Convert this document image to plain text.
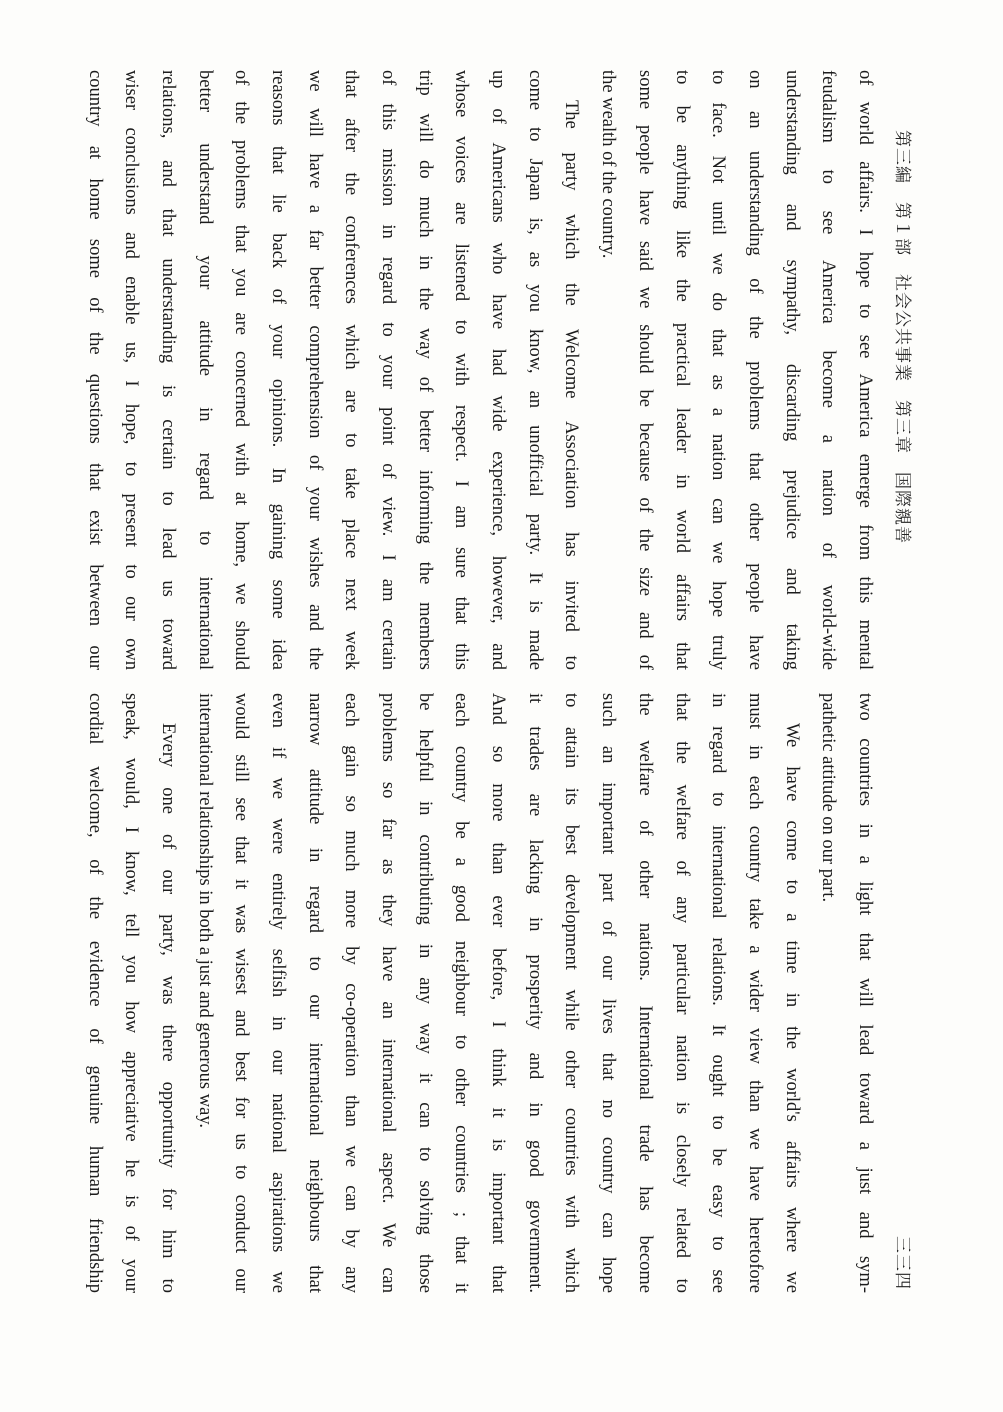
第三編　第１部　社会公共事業　第三章　国際親善
三三四
of world affairs. I hope to see America emerge from this mental
feudalism to see America become a nation of world-wide
understanding and sympathy, discarding prejudice and taking
on an understanding of the problems that other people have
to face. Not until we do that as a nation can we hope truly
to be anything like the practical leader in world affairs that
some people have said we should be because of the size and of
the wealth of the country.
The party which the Welcome Association has invited to
come to Japan is, as you know, an unofficial party. It is made
up of Americans who have had wide experience, however, and
whose voices are listened to with respect. I am sure that this
trip will do much in the way of better informing the members
of this mission in regard to your point of view. I am certain
that after the conferences which are to take place next week
we will have a far better comprehension of your wishes and the
reasons that lie back of your opinions. In gaining some idea
of the problems that you are concerned with at home, we should
better understand your attitude in regard to international
relations, and that understanding is certain to lead us toward
wiser conclusions and enable us, I hope, to present to our own
country at home some of the questions that exist between our
two countries in a light that will lead toward a just and sym-
pathetic attitude on our part.
We have come to a time in the world's affairs where we
must in each country take a wider view than we have heretofore
in regard to international relations. It ought to be easy to see
that the welfare of any particular nation is closely related to
the welfare of other nations. International trade has become
such an important part of our lives that no country can hope
to attain its best development while other countries with which
it trades are lacking in prosperity and in good government.
And so more than ever before, I think it is important that
each country be a good neighbour to other countries ; that it
be helpful in contributing in any way it can to solving those
problems so far as they have an international aspect. We can
each gain so much more by co-operation than we can by any
narrow attitude in regard to our international neighbours that
even if we were entirely selfish in our national aspirations we
would still see that it was wisest and best for us to conduct our
international relationships in both a just and generous way.
Every one of our party, was there opportunity for him to
speak, would, I know, tell you how appreciative he is of your
cordial welcome, of the evidence of genuine human friendship
